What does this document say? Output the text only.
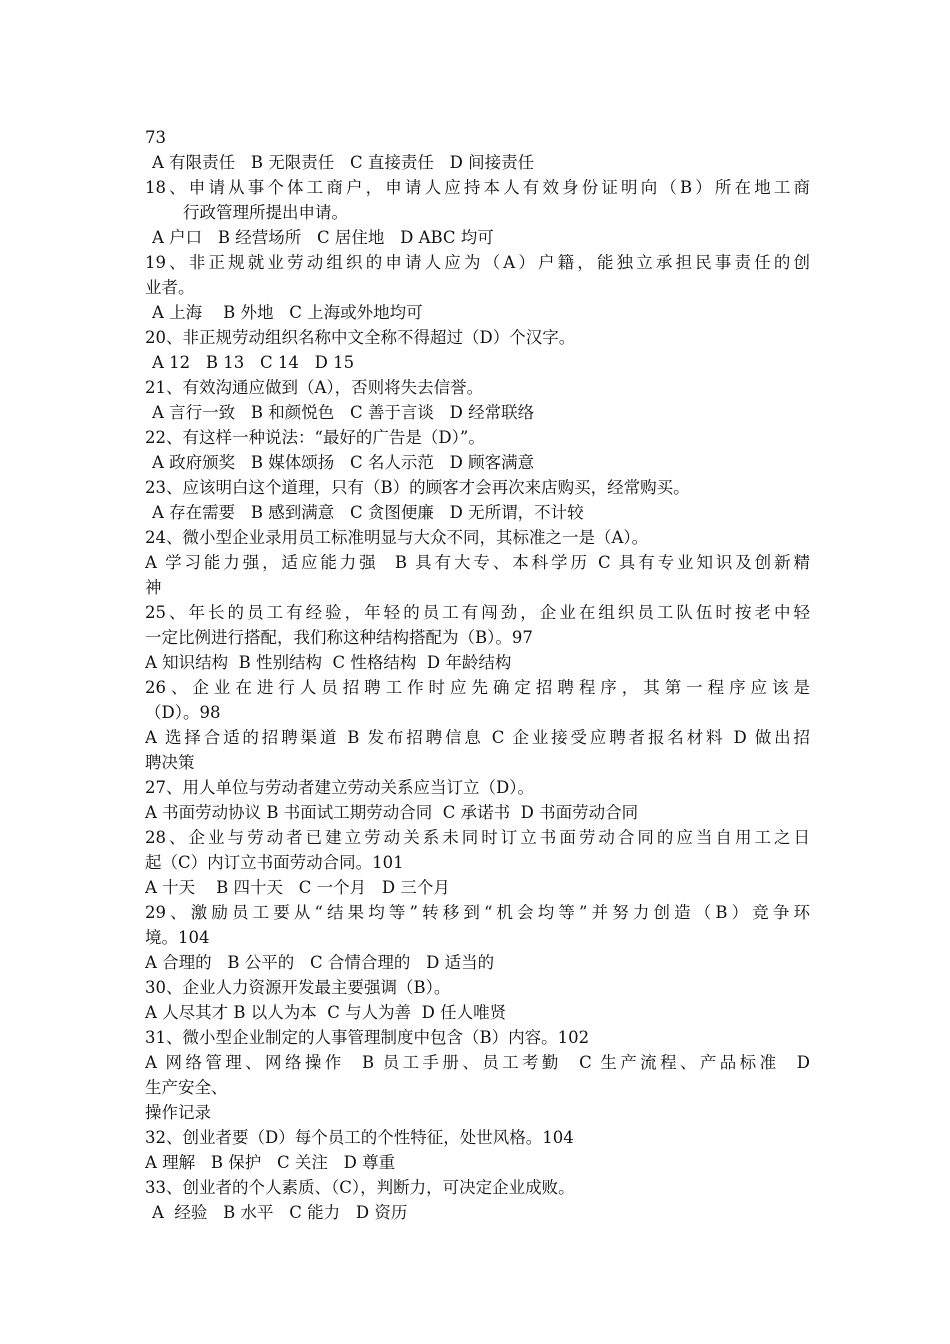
73
A 有限责任   B 无限责任   C 直接责任   D 间接责任
18、申请从事个体工商户，申请人应持本人有效身份证明向（B）所在地工商
行政管理所提出申请。
A 户口   B 经营场所   C 居住地   D ABC 均可
19、非正规就业劳动组织的申请人应为（A）户籍，能独立承担民事责任的创
业者。
A 上海    B 外地   C 上海或外地均可
20、非正规劳动组织名称中文全称不得超过（D）个汉字。
A 12   B 13   C 14   D 15
21、有效沟通应做到（A），否则将失去信誉。
A 言行一致   B 和颜悦色   C 善于言谈   D 经常联络
22、有这样一种说法：“最好的广告是（D）”。
A 政府颁奖   B 媒体颂扬   C 名人示范   D 顾客满意
23、应该明白这个道理，只有（B）的顾客才会再次来店购买，经常购买。
A 存在需要   B 感到满意   C 贪图便廉   D 无所谓，不计较
24、微小型企业录用员工标准明显与大众不同，其标准之一是（A）。
A 学习能力强，适应能力强  B 具有大专、本科学历 C 具有专业知识及创新精
神
25、年长的员工有经验，年轻的员工有闯劲，企业在组织员工队伍时按老中轻
一定比例进行搭配，我们称这种结构搭配为（B）。97
A 知识结构  B 性别结构  C 性格结构  D 年龄结构
26、企业在进行人员招聘工作时应先确定招聘程序，其第一程序应该是
（D）。98
A 选择合适的招聘渠道 B 发布招聘信息 C 企业接受应聘者报名材料 D 做出招
聘决策
27、用人单位与劳动者建立劳动关系应当订立（D）。
A 书面劳动协议 B 书面试工期劳动合同  C 承诺书  D 书面劳动合同
28、企业与劳动者已建立劳动关系未同时订立书面劳动合同的应当自用工之日
起（C）内订立书面劳动合同。101
A 十天    B 四十天   C 一个月   D 三个月
29、激励员工要从“结果均等”转移到“机会均等”并努力创造（B）竞争环
境。104
A 合理的   B 公平的   C 合情合理的   D 适当的
30、企业人力资源开发最主要强调（B）。
A 人尽其才 B 以人为本  C 与人为善  D 任人唯贤
31、微小型企业制定的人事管理制度中包含（B）内容。102
A 网络管理、网络操作  B 员工手册、员工考勤  C 生产流程、产品标准  D
生产安全、
操作记录
32、创业者要（D）每个员工的个性特征，处世风格。104
A 理解   B 保护   C 关注   D 尊重
33、创业者的个人素质、（C），判断力，可决定企业成败。
A  经验   B 水平   C 能力   D 资历
